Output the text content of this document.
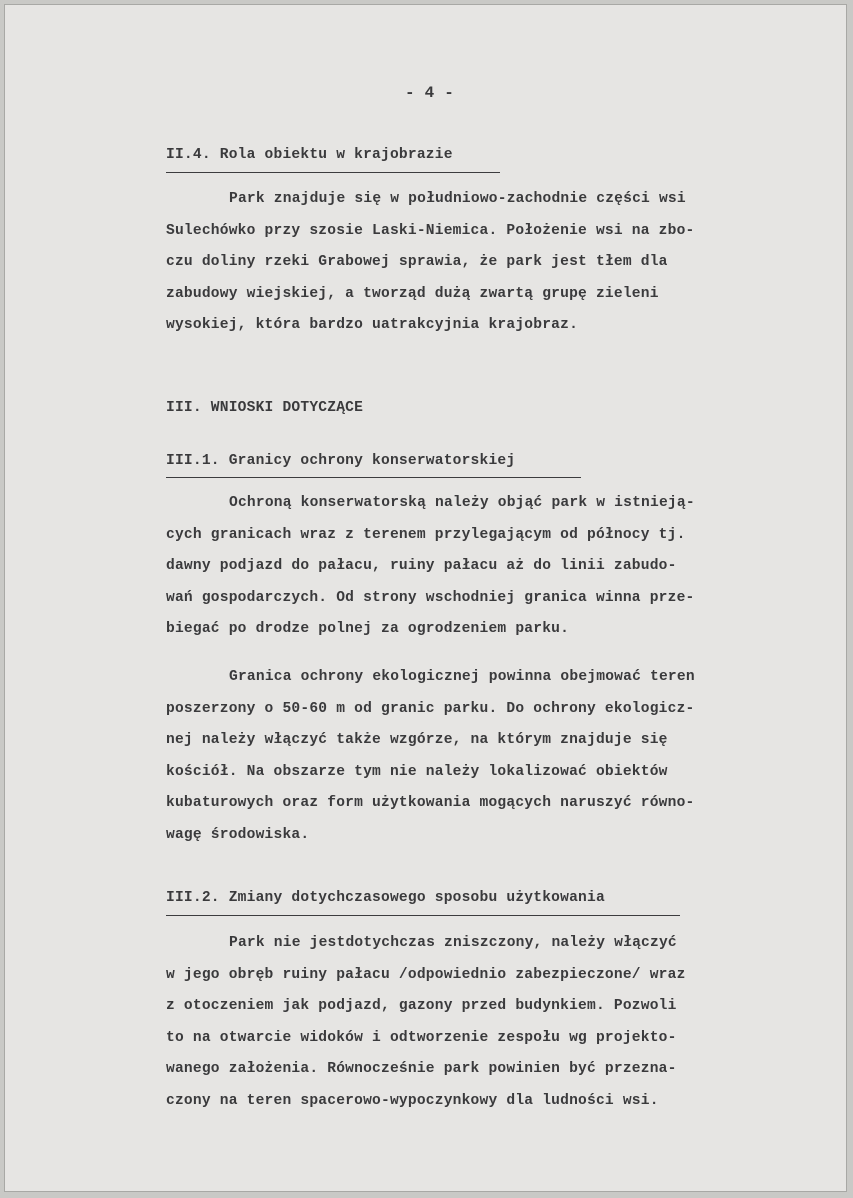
- 4 -
II.4. Rola obiektu w krajobrazie
Park znajduje się w południowo-zachodnie części wsi
Sulechówko przy szosie Laski-Niemica. Położenie wsi na zbo-
czu doliny rzeki Grabowej sprawia, że park jest tłem dla
zabudowy wiejskiej, a tworząd dużą zwartą grupę zieleni
wysokiej, która bardzo uatrakcyjnia krajobraz.
III. WNIOSKI DOTYCZĄCE
III.1. Granicy ochrony konserwatorskiej
Ochroną konserwatorską należy objąć park w istnieją-
cych granicach wraz z terenem przylegającym od północy tj.
dawny podjazd do pałacu, ruiny pałacu aż do linii zabudo-
wań gospodarczych. Od strony wschodniej granica winna prze-
biegać po drodze polnej za ogrodzeniem parku.
Granica ochrony ekologicznej powinna obejmować teren
poszerzony o 50-60 m od granic parku. Do ochrony ekologicz-
nej należy włączyć także wzgórze, na którym znajduje się
kościół. Na obszarze tym nie należy lokalizować obiektów
kubaturowych oraz form użytkowania mogących naruszyć równo-
wagę środowiska.
III.2. Zmiany dotychczasowego sposobu użytkowania
Park nie jestdotychczas zniszczony, należy włączyć
w jego obręb ruiny pałacu /odpowiednio zabezpieczone/ wraz
z otoczeniem jak podjazd, gazony przed budynkiem. Pozwoli
to na otwarcie widoków i odtworzenie zespołu wg projekto-
wanego założenia. Równocześnie park powinien być przezna-
czony na teren spacerowo-wypoczynkowy dla ludności wsi.
